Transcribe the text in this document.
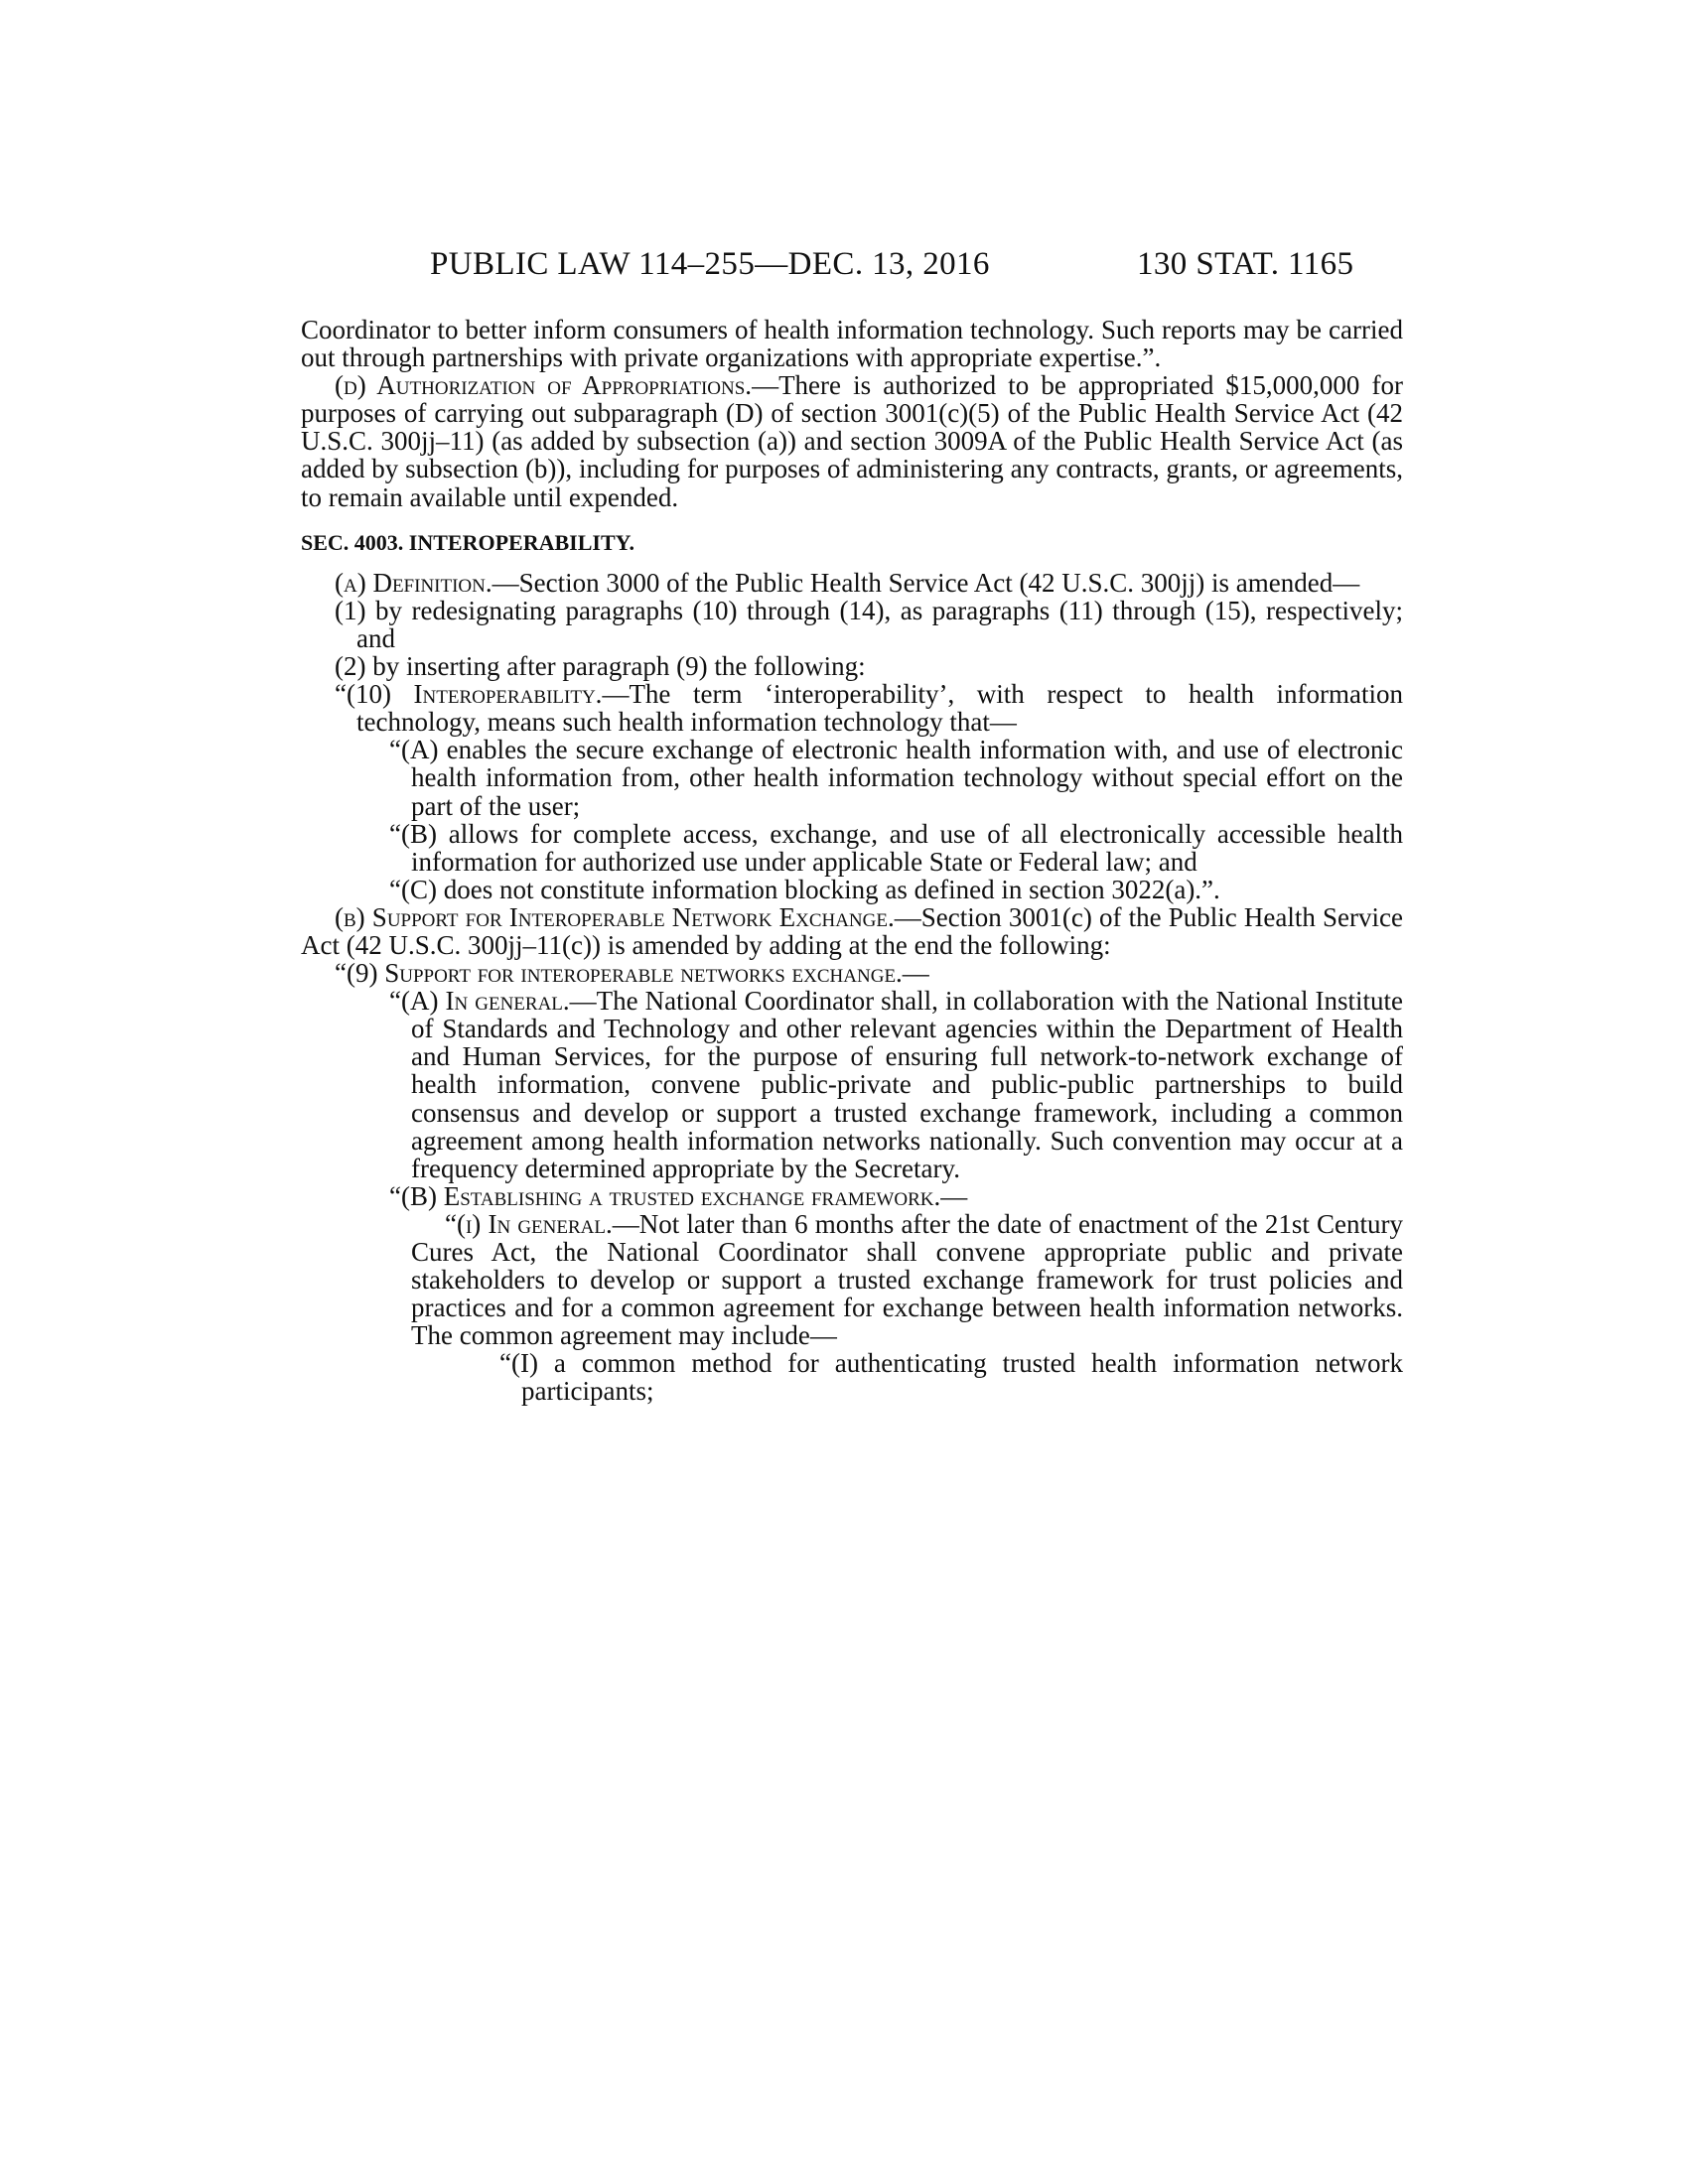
PUBLIC LAW 114–255—DEC. 13, 2016	130 STAT. 1165

Coordinator to better inform consumers of health information technology. Such reports may be carried out through partnerships with private organizations with appropriate expertise.”.

(d) Authorization of Appropriations.—There is authorized to be appropriated $15,000,000 for purposes of carrying out subparagraph (D) of section 3001(c)(5) of the Public Health Service Act (42 U.S.C. 300jj–11) (as added by subsection (a)) and section 3009A of the Public Health Service Act (as added by subsection (b)), including for purposes of administering any contracts, grants, or agreements, to remain available until expended.

SEC. 4003. INTEROPERABILITY.

(a) Definition.—Section 3000 of the Public Health Service Act (42 U.S.C. 300jj) is amended—

(1) by redesignating paragraphs (10) through (14), as paragraphs (11) through (15), respectively; and

(2) by inserting after paragraph (9) the following:

“(10) Interoperability.—The term ‘interoperability’, with respect to health information technology, means such health information technology that—

“(A) enables the secure exchange of electronic health information with, and use of electronic health information from, other health information technology without special effort on the part of the user;

“(B) allows for complete access, exchange, and use of all electronically accessible health information for authorized use under applicable State or Federal law; and

“(C) does not constitute information blocking as defined in section 3022(a).”.

(b) Support for Interoperable Network Exchange.—Section 3001(c) of the Public Health Service Act (42 U.S.C. 300jj–11(c)) is amended by adding at the end the following:

“(9) Support for interoperable networks exchange.—

“(A) In general.—The National Coordinator shall, in collaboration with the National Institute of Standards and Technology and other relevant agencies within the Department of Health and Human Services, for the purpose of ensuring full network-to-network exchange of health information, convene public-private and public-public partnerships to build consensus and develop or support a trusted exchange framework, including a common agreement among health information networks nationally. Such convention may occur at a frequency determined appropriate by the Secretary.

“(B) Establishing a trusted exchange framework.—

“(i) In general.—Not later than 6 months after the date of enactment of the 21st Century Cures Act, the National Coordinator shall convene appropriate public and private stakeholders to develop or support a trusted exchange framework for trust policies and practices and for a common agreement for exchange between health information networks. The common agreement may include—

“(I) a common method for authenticating trusted health information network participants;
